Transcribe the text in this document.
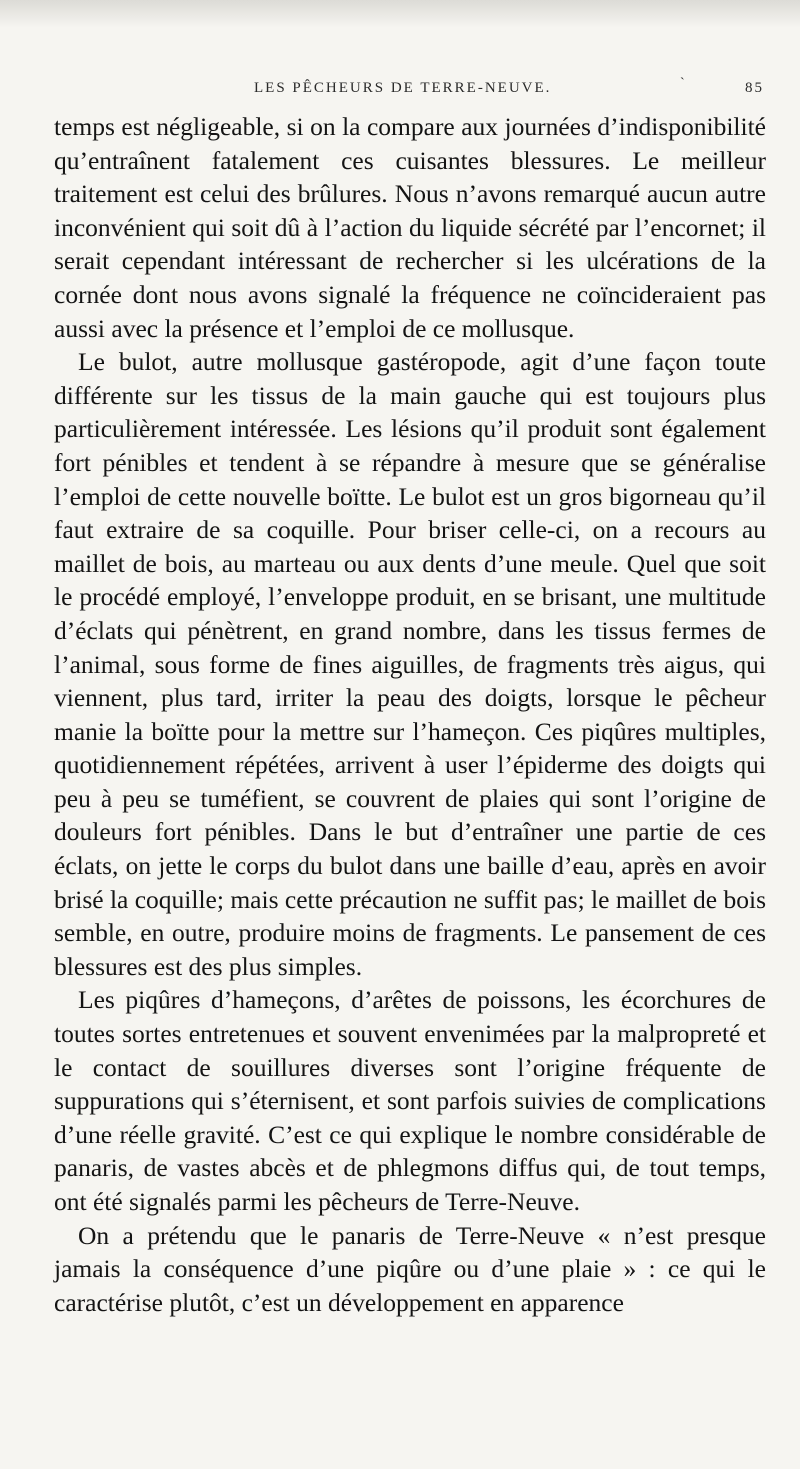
LES PÊCHEURS DE TERRE-NEUVE.	`	85

temps est négligeable, si on la compare aux journées d’indisponibilité qu’entraînent fatalement ces cuisantes blessures. Le meilleur traitement est celui des brûlures. Nous n’avons remarqué aucun autre inconvénient qui soit dû à l’action du liquide sécrété par l’encornet; il serait cependant intéressant de rechercher si les ulcérations de la cornée dont nous avons signalé la fréquence ne coïncideraient pas aussi avec la présence et l’emploi de ce mollusque.

Le bulot, autre mollusque gastéropode, agit d’une façon toute différente sur les tissus de la main gauche qui est toujours plus particulièrement intéressée. Les lésions qu’il produit sont également fort pénibles et tendent à se répandre à mesure que se généralise l’emploi de cette nouvelle boïtte. Le bulot est un gros bigorneau qu’il faut extraire de sa coquille. Pour briser celle-ci, on a recours au maillet de bois, au marteau ou aux dents d’une meule. Quel que soit le procédé employé, l’enveloppe produit, en se brisant, une multitude d’éclats qui pénètrent, en grand nombre, dans les tissus fermes de l’animal, sous forme de fines aiguilles, de fragments très aigus, qui viennent, plus tard, irriter la peau des doigts, lorsque le pêcheur manie la boïtte pour la mettre sur l’hameçon. Ces piqûres multiples, quotidiennement répétées, arrivent à user l’épiderme des doigts qui peu à peu se tuméfient, se couvrent de plaies qui sont l’origine de douleurs fort pénibles. Dans le but d’entraîner une partie de ces éclats, on jette le corps du bulot dans une baille d’eau, après en avoir brisé la coquille; mais cette précaution ne suffit pas; le maillet de bois semble, en outre, produire moins de fragments. Le pansement de ces blessures est des plus simples.

Les piqûres d’hameçons, d’arêtes de poissons, les écorchures de toutes sortes entretenues et souvent envenimées par la malpropreté et le contact de souillures diverses sont l’origine fréquente de suppurations qui s’éternisent, et sont parfois suivies de complications d’une réelle gravité. C’est ce qui explique le nombre considérable de panaris, de vastes abcès et de phlegmons diffus qui, de tout temps, ont été signalés parmi les pêcheurs de Terre-Neuve.

On a prétendu que le panaris de Terre-Neuve « n’est presque jamais la conséquence d’une piqûre ou d’une plaie » : ce qui le caractérise plutôt, c’est un développement en apparence
